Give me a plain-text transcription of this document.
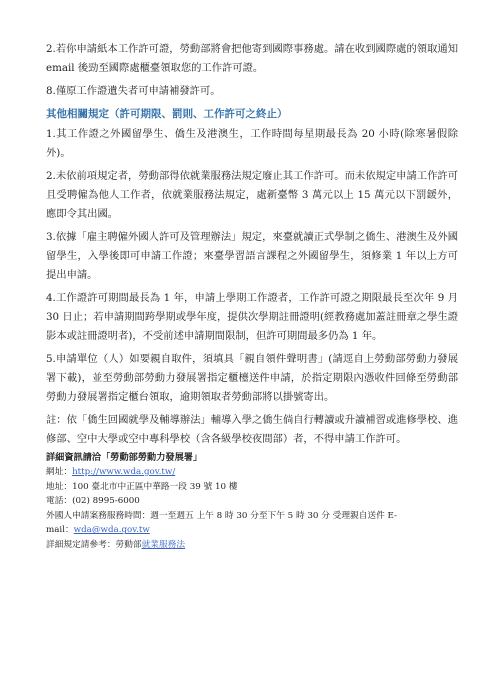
2.若你申請紙本工作許可證，勞動部將會把他寄到國際事務處。請在收到國際處的領取通知 email 後勁至國際處櫃臺領取您的工作許可證。

8.僅原工作證遺失者可申請補發許可。

其他相關規定（許可期限、罰則、工作許可之終止）

1.其工作證之外國留學生、僑生及港澳生，工作時間每星期最長為 20 小時(除寒暑假除外)。

2.未依前項規定者，勞動部得依就業服務法規定廢止其工作許可。而未依規定申請工作許可且受聘僱為他人工作者，依就業服務法規定，處新臺幣 3 萬元以上 15 萬元以下罰鍰外，應即令其出國。

3.依據「雇主聘僱外國人許可及管理辦法」規定，來臺就讀正式學制之僑生、港澳生及外國留學生，入學後即可申請工作證；來臺學習語言課程之外國留學生，須修業 1 年以上方可提出申請。

4.工作證許可期間最長為 1 年，申請上學期工作證者，工作許可證之期限最長至次年 9 月 30 日止；若申請期間跨學期或學年度，提供次學期註冊證明(經教務處加蓋註冊章之學生證影本或註冊證明者)，不受前述申請期間限制，但許可期間最多仍為 1 年。

5.申請單位（人）如要親自取件，須填具「親自領件聲明書」(請逕自上勞動部勞動力發展署下載)，並至勞動部勞動力發展署指定櫃檯送件申請，於指定期限內憑收件回條至勞動部勞動力發展署指定櫃台領取，逾期領取者勞動部將以掛號寄出。

註：依「僑生回國就學及輔導辦法」輔導入學之僑生倘自行轉讀或升讀補習或進修學校、進修部、空中大學或空中專科學校（含各級學校夜間部）者，不得申請工作許可。

詳細資訊請洽「勞動部勞動力發展署」
網址：http://www.wda.gov.tw/
地址：100 臺北市中正區中華路一段 39 號 10 樓
電話：(02) 8995-6000
外國人申請案務服務時間：週一至週五 上午 8 時 30 分至下午 5 時 30 分 受理親自送件 E-
mail：wda@wda.gov.tw
詳細規定請參考：勞動部就業服務法
